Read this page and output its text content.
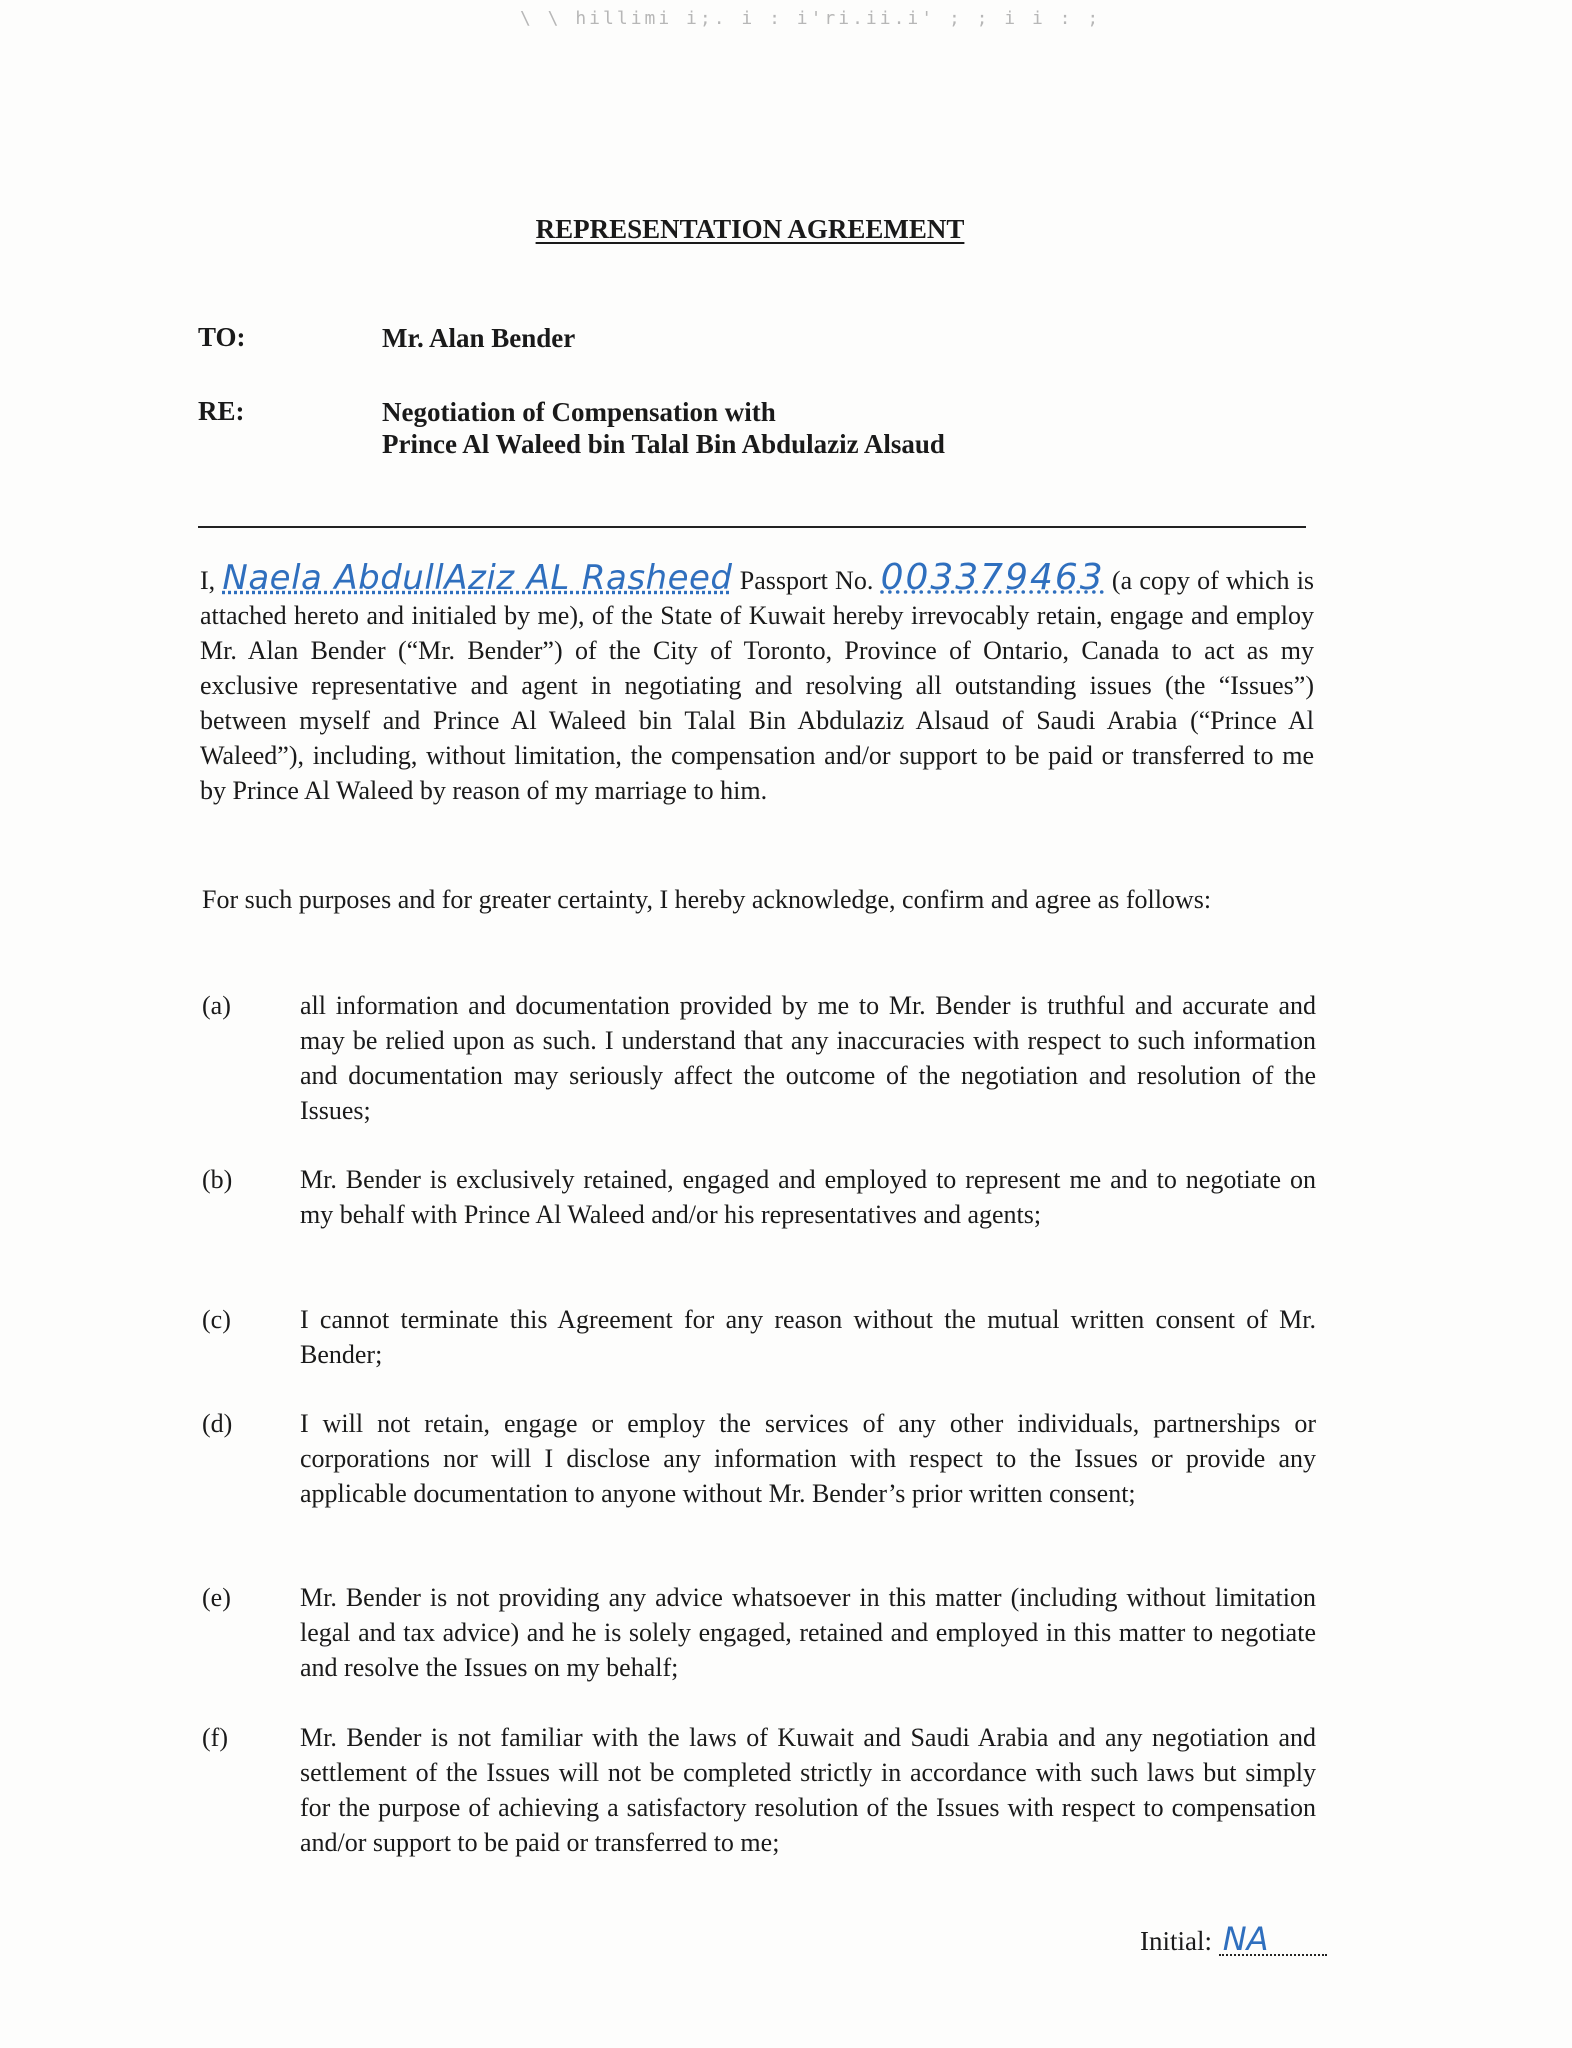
\ \ hillimi i;. i : i'ri.ii.i' ; ; i i : ;
REPRESENTATION AGREEMENT
TO:	Mr. Alan Bender
RE:	Negotiation of Compensation with
Prince Al Waleed bin Talal Bin Abdulaziz Alsaud
I, Naela AbdullAziz AL Rasheed Passport No. 003379463 (a copy of which is attached hereto and initialed by me), of the State of Kuwait hereby irrevocably retain, engage and employ Mr. Alan Bender (“Mr. Bender”) of the City of Toronto, Province of Ontario, Canada to act as my exclusive representative and agent in negotiating and resolving all outstanding issues (the “Issues”) between myself and Prince Al Waleed bin Talal Bin Abdulaziz Alsaud of Saudi Arabia (“Prince Al Waleed”), including, without limitation, the compensation and/or support to be paid or transferred to me by Prince Al Waleed by reason of my marriage to him.
For such purposes and for greater certainty, I hereby acknowledge, confirm and agree as follows:
(a)	all information and documentation provided by me to Mr. Bender is truthful and accurate and may be relied upon as such. I understand that any inaccuracies with respect to such information and documentation may seriously affect the outcome of the negotiation and resolution of the Issues;
(b)	Mr. Bender is exclusively retained, engaged and employed to represent me and to negotiate on my behalf with Prince Al Waleed and/or his representatives and agents;
(c)	I cannot terminate this Agreement for any reason without the mutual written consent of Mr. Bender;
(d)	I will not retain, engage or employ the services of any other individuals, partnerships or corporations nor will I disclose any information with respect to the Issues or provide any applicable documentation to anyone without Mr. Bender’s prior written consent;
(e)	Mr. Bender is not providing any advice whatsoever in this matter (including without limitation legal and tax advice) and he is solely engaged, retained and employed in this matter to negotiate and resolve the Issues on my behalf;
(f)	Mr. Bender is not familiar with the laws of Kuwait and Saudi Arabia and any negotiation and settlement of the Issues will not be completed strictly in accordance with such laws but simply for the purpose of achieving a satisfactory resolution of the Issues with respect to compensation and/or support to be paid or transferred to me;
Initial: NA
